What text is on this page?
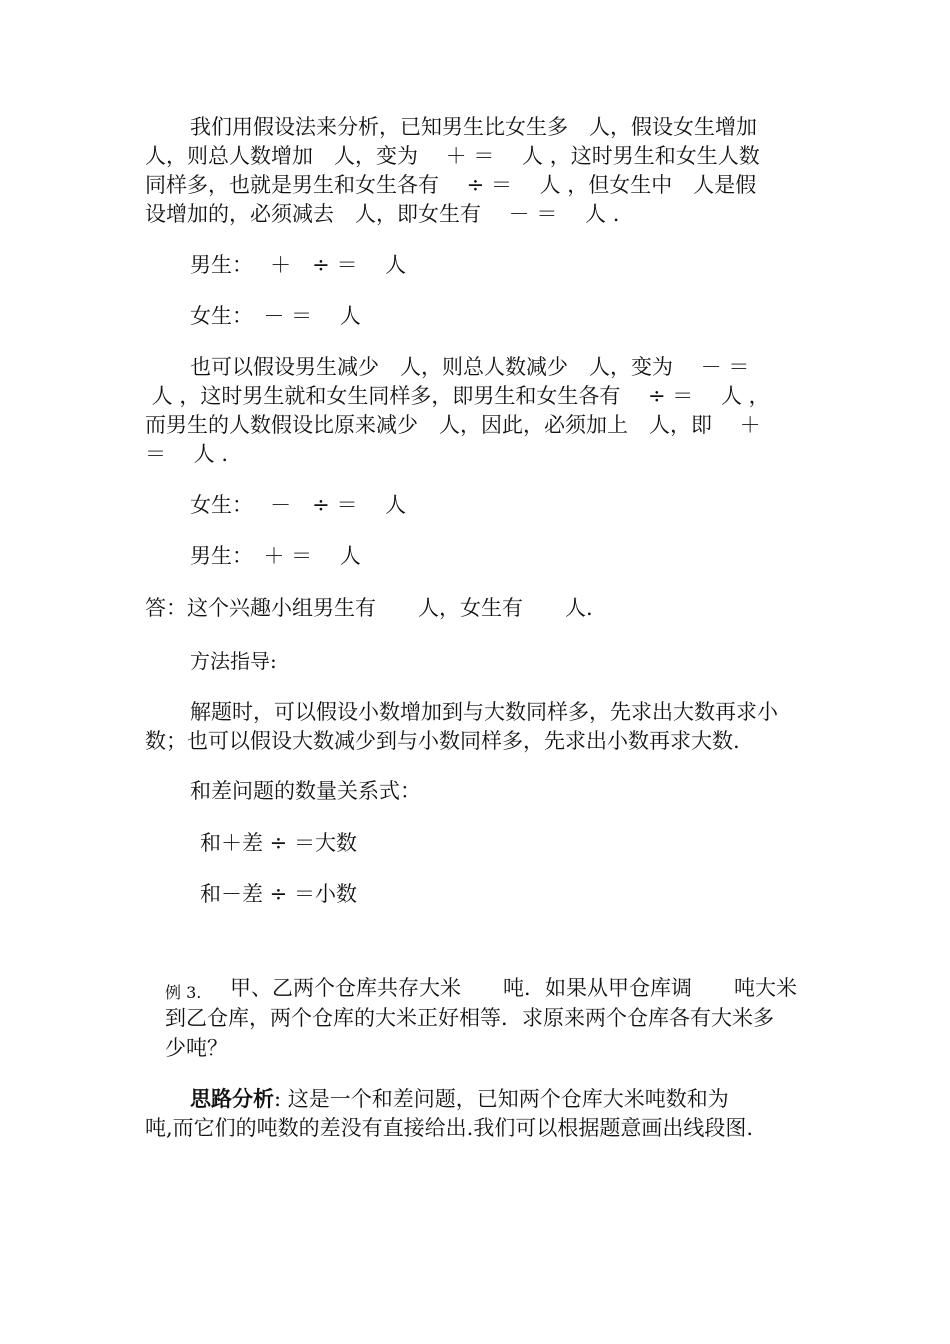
我们用假设法来分析，已知男生比女生多　人，假设女生增加
人，则总人数增加　人，变为　 ＋ ＝　 人 ，这时男生和女生人数
同样多，也就是男生和女生各有　 ÷ ＝　 人 ，但女生中　人是假
设增加的，必须减去　人，即女生有　 － ＝　 人 .
男生：　 ＋　÷ ＝　 人
女生：　－ ＝　 人
也可以假设男生减少　人，则总人数减少　人，变为　 － ＝
人 ，这时男生就和女生同样多，即男生和女生各有　 ÷ ＝　 人 ，
而男生的人数假设比原来减少　人，因此，必须加上　人，即　 ＋
＝　 人 .
女生：　 －　÷ ＝　 人
男生：　＋ ＝　 人
答：这个兴趣小组男生有　　人，女生有　　人.
方法指导:
解题时，可以假设小数增加到与大数同样多，先求出大数再求小
数；也可以假设大数减少到与小数同样多，先求出小数再求大数.
和差问题的数量关系式：
和＋差 ÷ ＝大数
和－差 ÷ ＝小数
例 3. 甲、乙两个仓库共存大米　　吨．如果从甲仓库调　　吨大米
到乙仓库，两个仓库的大米正好相等．求原来两个仓库各有大米多
少吨？
思路分析: 这是一个和差问题，已知两个仓库大米吨数和为
吨,而它们的吨数的差没有直接给出.我们可以根据题意画出线段图.
